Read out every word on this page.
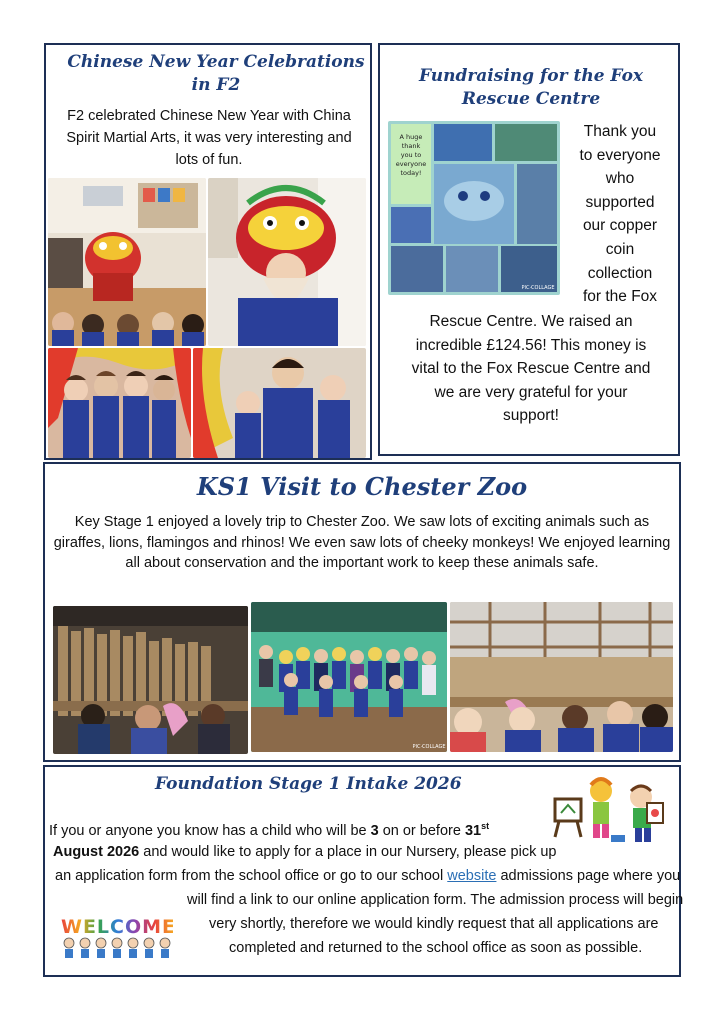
Chinese New Year Celebrations in F2
F2 celebrated Chinese New Year with China Spirit Martial Arts, it was very interesting and lots of fun.
Fundraising for the Fox Rescue Centre
A huge
thank
you to
everyone
today!
PIC·COLLAGE
Thank you
to everyone
who
supported
our copper
coin
collection
for the Fox
Rescue Centre. We raised an
incredible £124.56! This money is
vital to the Fox Rescue Centre and
we are very grateful for your
support!
KS1 Visit to Chester Zoo
Key Stage 1 enjoyed a lovely trip to Chester Zoo. We saw lots of exciting animals such as giraffes, lions, flamingos and rhinos! We even saw lots of cheeky monkeys! We enjoyed learning all about conservation and the important work to keep these animals safe.
PIC·COLLAGE
Foundation Stage 1 Intake 2026
If you or anyone you know has a child who will be 3 on or before 31st
August 2026 and would like to apply for a place in our Nursery, please pick up
an application form from the school office or go to our school website admissions page where you
will find a link to our online application form. The admission process will begin
very shortly, therefore we would kindly request that all applications are
completed and returned to the school office as soon as possible.
WELCOME
